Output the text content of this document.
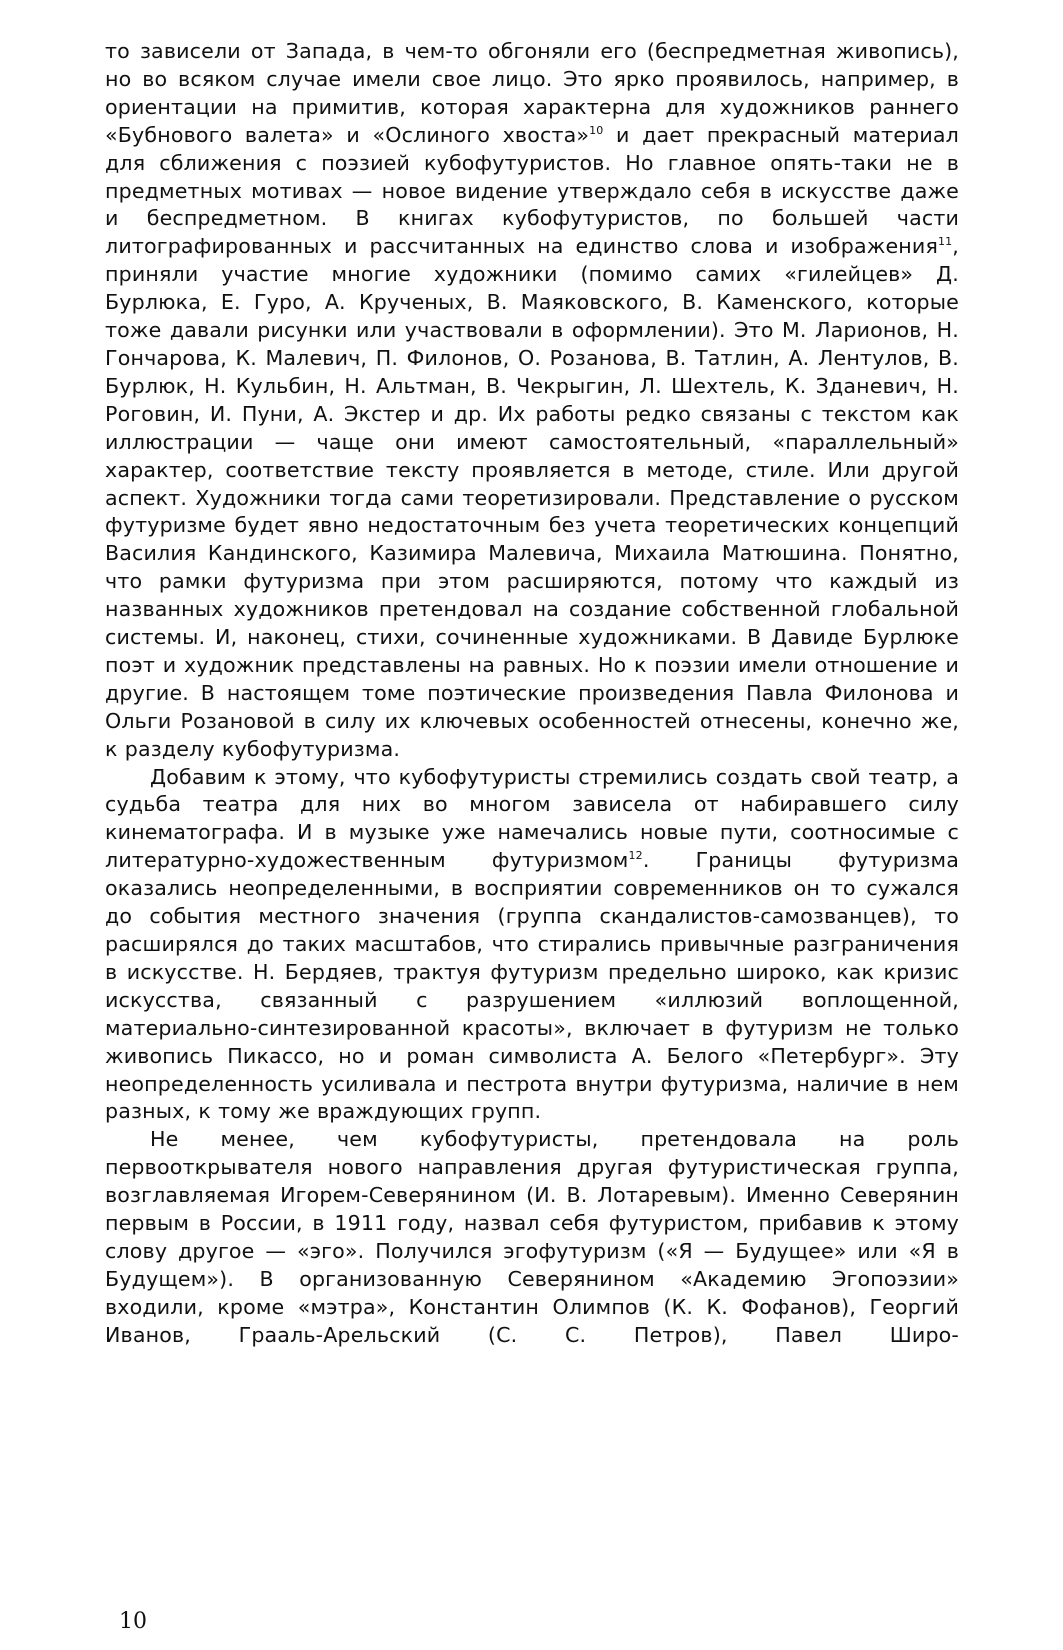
то зависели от Запада, в чем-то обгоняли его (беспредметная живопись), но во всяком случае имели свое лицо. Это ярко проявилось, например, в ориентации на примитив, которая характерна для художников раннего «Бубнового валета» и «Ослиного хвоста»$^{10}$ и дает прекрасный материал для сближения с поэзией кубофутуристов. Но главное опять-таки не в предметных мотивах — новое видение утверждало себя в искусстве даже и беспредметном. В книгах кубофутуристов, по большей части литографированных и рассчитанных на единство слова и изображения$^{11}$, приняли участие многие художники (помимо самих «гилейцев» Д. Бурлюка, Е. Гуро, А. Крученых, В. Маяковского, В. Каменского, которые тоже давали рисунки или участвовали в оформлении). Это М. Ларионов, Н. Гончарова, К. Малевич, П. Филонов, О. Розанова, В. Татлин, А. Лентулов, В. Бурлюк, Н. Кульбин, Н. Альтман, В. Чекрыгин, Л. Шехтель, К. Зданевич, Н. Роговин, И. Пуни, А. Экстер и др. Их работы редко связаны с текстом как иллюстрации — чаще они имеют самостоятельный, «параллельный» характер, соответствие тексту проявляется в методе, стиле. Или другой аспект. Художники тогда сами теоретизировали. Представление о русском футуризме будет явно недостаточным без учета теоретических концепций Василия Кандинского, Казимира Малевича, Михаила Матюшина. Понятно, что рамки футуризма при этом расширяются, потому что каждый из названных художников претендовал на создание собственной глобальной системы. И, наконец, стихи, сочиненные художниками. В Давиде Бурлюке поэт и художник представлены на равных. Но к поэзии имели отношение и другие. В настоящем томе поэтические произведения Павла Филонова и Ольги Розановой в силу их ключевых особенностей отнесены, конечно же, к разделу кубофутуризма.

Добавим к этому, что кубофутуристы стремились создать свой театр, а судьба театра для них во многом зависела от набиравшего силу кинематографа. И в музыке уже намечались новые пути, соотносимые с литературно-художественным футуризмом$^{12}$. Границы футуризма оказались неопределенными, в восприятии современников он то сужался до события местного значения (группа скандалистов-самозванцев), то расширялся до таких масштабов, что стирались привычные разграничения в искусстве. Н. Бердяев, трактуя футуризм предельно широко, как кризис искусства, связанный с разрушением «иллюзий воплощенной, материально-синтезированной красоты», включает в футуризм не только живопись Пикассо, но и роман символиста А. Белого «Петербург». Эту неопределенность усиливала и пестрота внутри футуризма, наличие в нем разных, к тому же враждующих групп.

Не менее, чем кубофутуристы, претендовала на роль первооткрывателя нового направления другая футуристическая группа, возглавляемая Игорем-Северянином (И. В. Лотаревым). Именно Северянин первым в России, в 1911 году, назвал себя футуристом, прибавив к этому слову другое — «эго». Получился эгофутуризм («Я — Будущее» или «Я в Будущем»). В организованную Северянином «Академию Эгопоэзии» входили, кроме «мэтра», Константин Олимпов (К. К. Фофанов), Георгий Иванов, Грааль-Арельский (С. С. Петров), Павел Широ-

10
